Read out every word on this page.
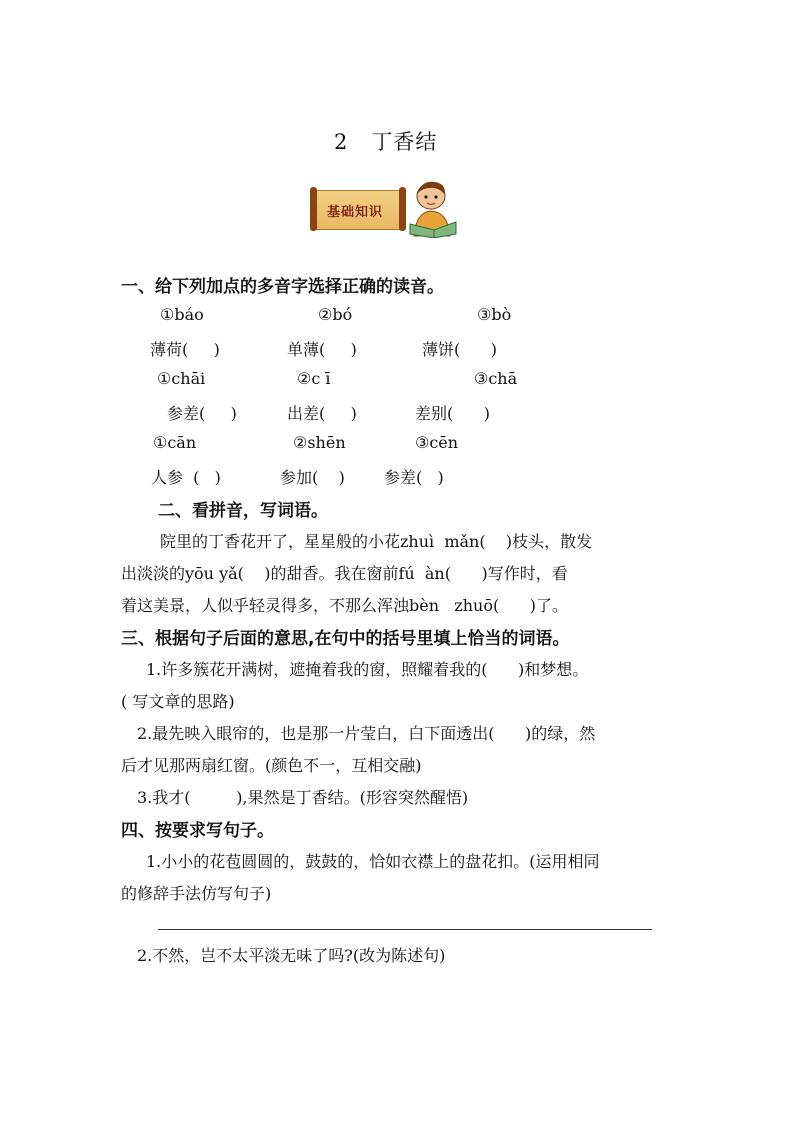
2   丁香结
基础知识
一、给下列加点的多音字选择正确的读音。
①báo	②bó	③bò
薄荷(     )	单薄(     )	薄饼(      )
①chāi	②c ī	③chā
参差(     )	出差(     )	差别(      )
①cān	②shēn	③cēn
人参  (   )	参加(    ) 参差(   )
二、看拼音，写词语。
院里的丁香花开了，星星般的小花zhuì  mǎn(    )枝头，散发
出淡淡的yōu yǎ(    )的甜香。我在窗前fú  àn(      )写作时，看
着这美景，人似乎轻灵得多，不那么浑浊bèn   zhuō(      )了。
三、根据句子后面的意思,在句中的括号里填上恰当的词语。
1.许多簇花开满树，遮掩着我的窗，照耀着我的(      )和梦想。
( 写文章的思路)
2.最先映入眼帘的，也是那一片莹白，白下面透出(      )的绿，然
后才见那两扇红窗。(颜色不一，互相交融)
3.我才(         ),果然是丁香结。(形容突然醒悟)
四、按要求写句子。
1.小小的花苞圆圆的，鼓鼓的，恰如衣襟上的盘花扣。(运用相同
的修辞手法仿写句子)
2.不然，岂不太平淡无味了吗?(改为陈述句)
